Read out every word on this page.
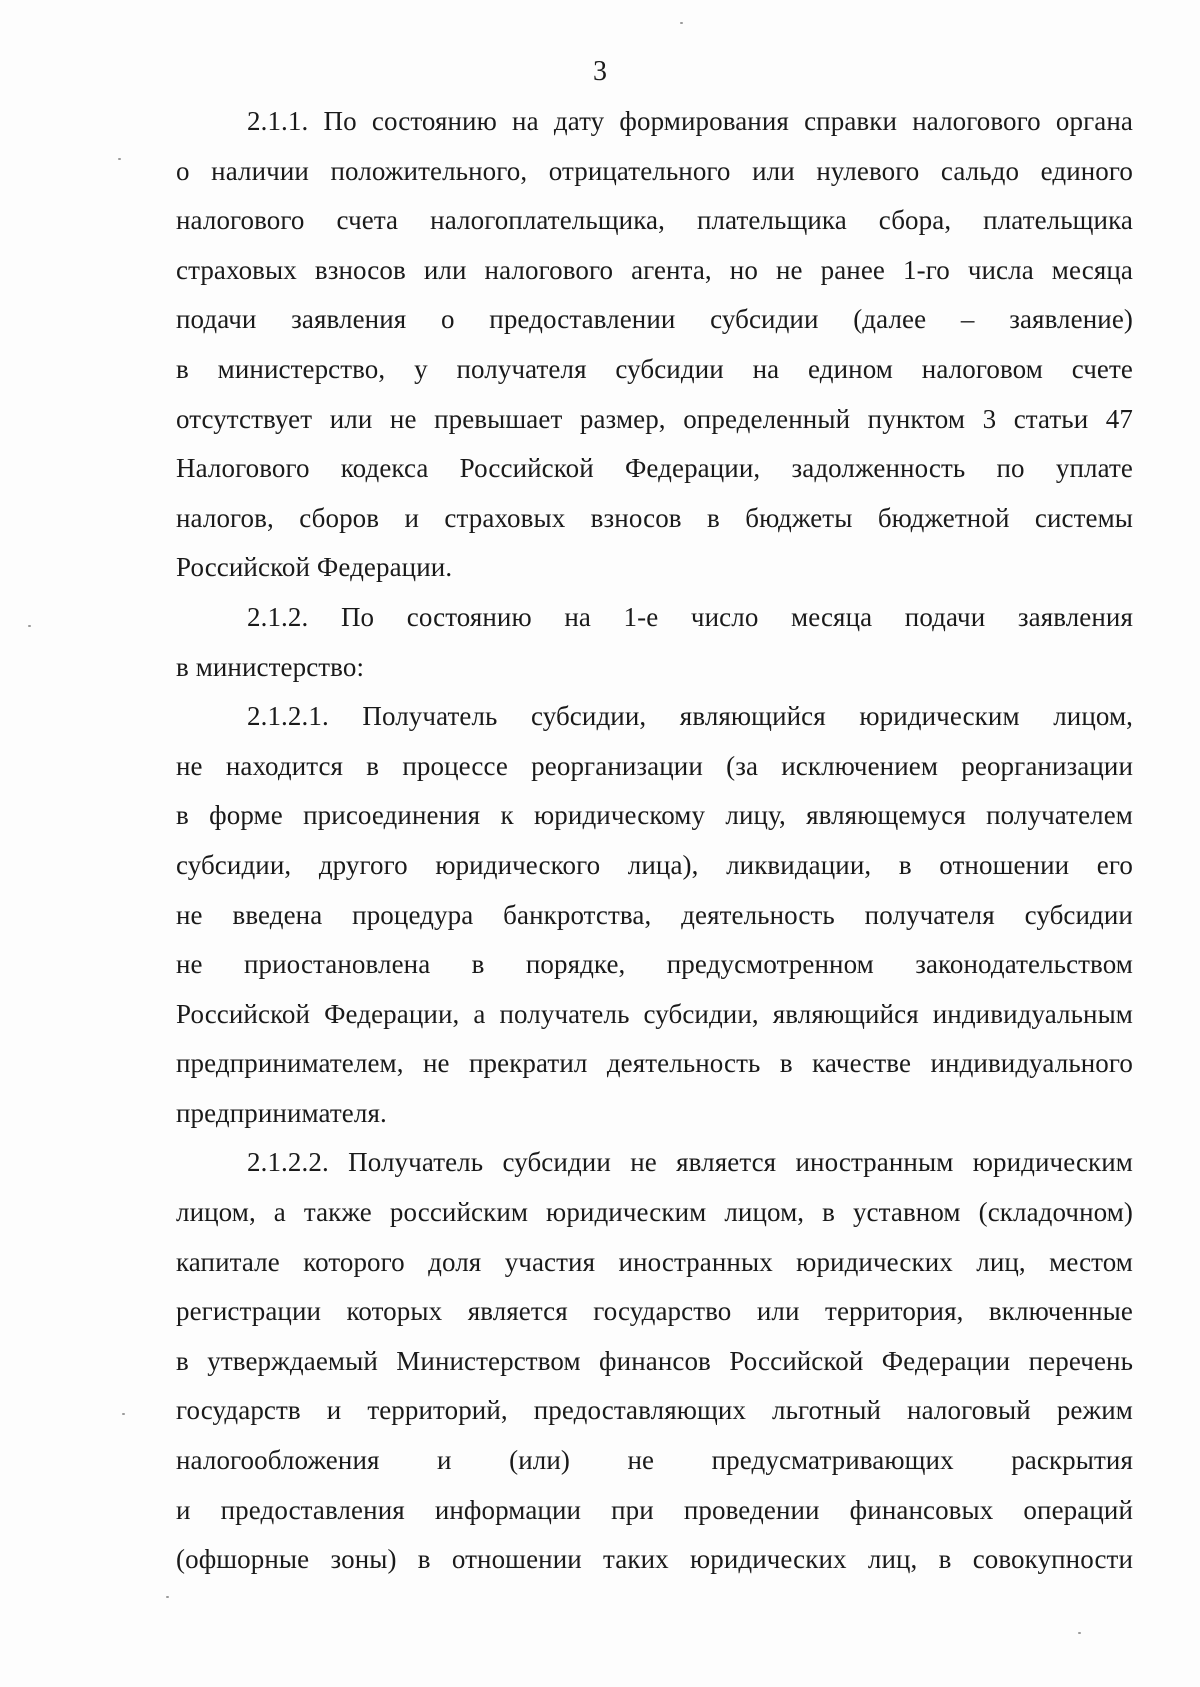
3
2.1.1. По состоянию на дату формирования справки налогового органа
о наличии положительного, отрицательного или нулевого сальдо единого
налогового счета налогоплательщика, плательщика сбора, плательщика
страховых взносов или налогового агента, но не ранее 1-го числа месяца
подачи заявления о предоставлении субсидии (далее – заявление)
в министерство, у получателя субсидии на едином налоговом счете
отсутствует или не превышает размер, определенный пунктом 3 статьи 47
Налогового кодекса Российской Федерации, задолженность по уплате
налогов, сборов и страховых взносов в бюджеты бюджетной системы
Российской Федерации.
2.1.2. По состоянию на 1-е число месяца подачи заявления
в министерство:
2.1.2.1. Получатель субсидии, являющийся юридическим лицом,
не находится в процессе реорганизации (за исключением реорганизации
в форме присоединения к юридическому лицу, являющемуся получателем
субсидии, другого юридического лица), ликвидации, в отношении его
не введена процедура банкротства, деятельность получателя субсидии
не приостановлена в порядке, предусмотренном законодательством
Российской Федерации, а получатель субсидии, являющийся индивидуальным
предпринимателем, не прекратил деятельность в качестве индивидуального
предпринимателя.
2.1.2.2. Получатель субсидии не является иностранным юридическим
лицом, а также российским юридическим лицом, в уставном (складочном)
капитале которого доля участия иностранных юридических лиц, местом
регистрации которых является государство или территория, включенные
в утверждаемый Министерством финансов Российской Федерации перечень
государств и территорий, предоставляющих льготный налоговый режим
налогообложения и (или) не предусматривающих раскрытия
и предоставления информации при проведении финансовых операций
(офшорные зоны) в отношении таких юридических лиц, в совокупности
